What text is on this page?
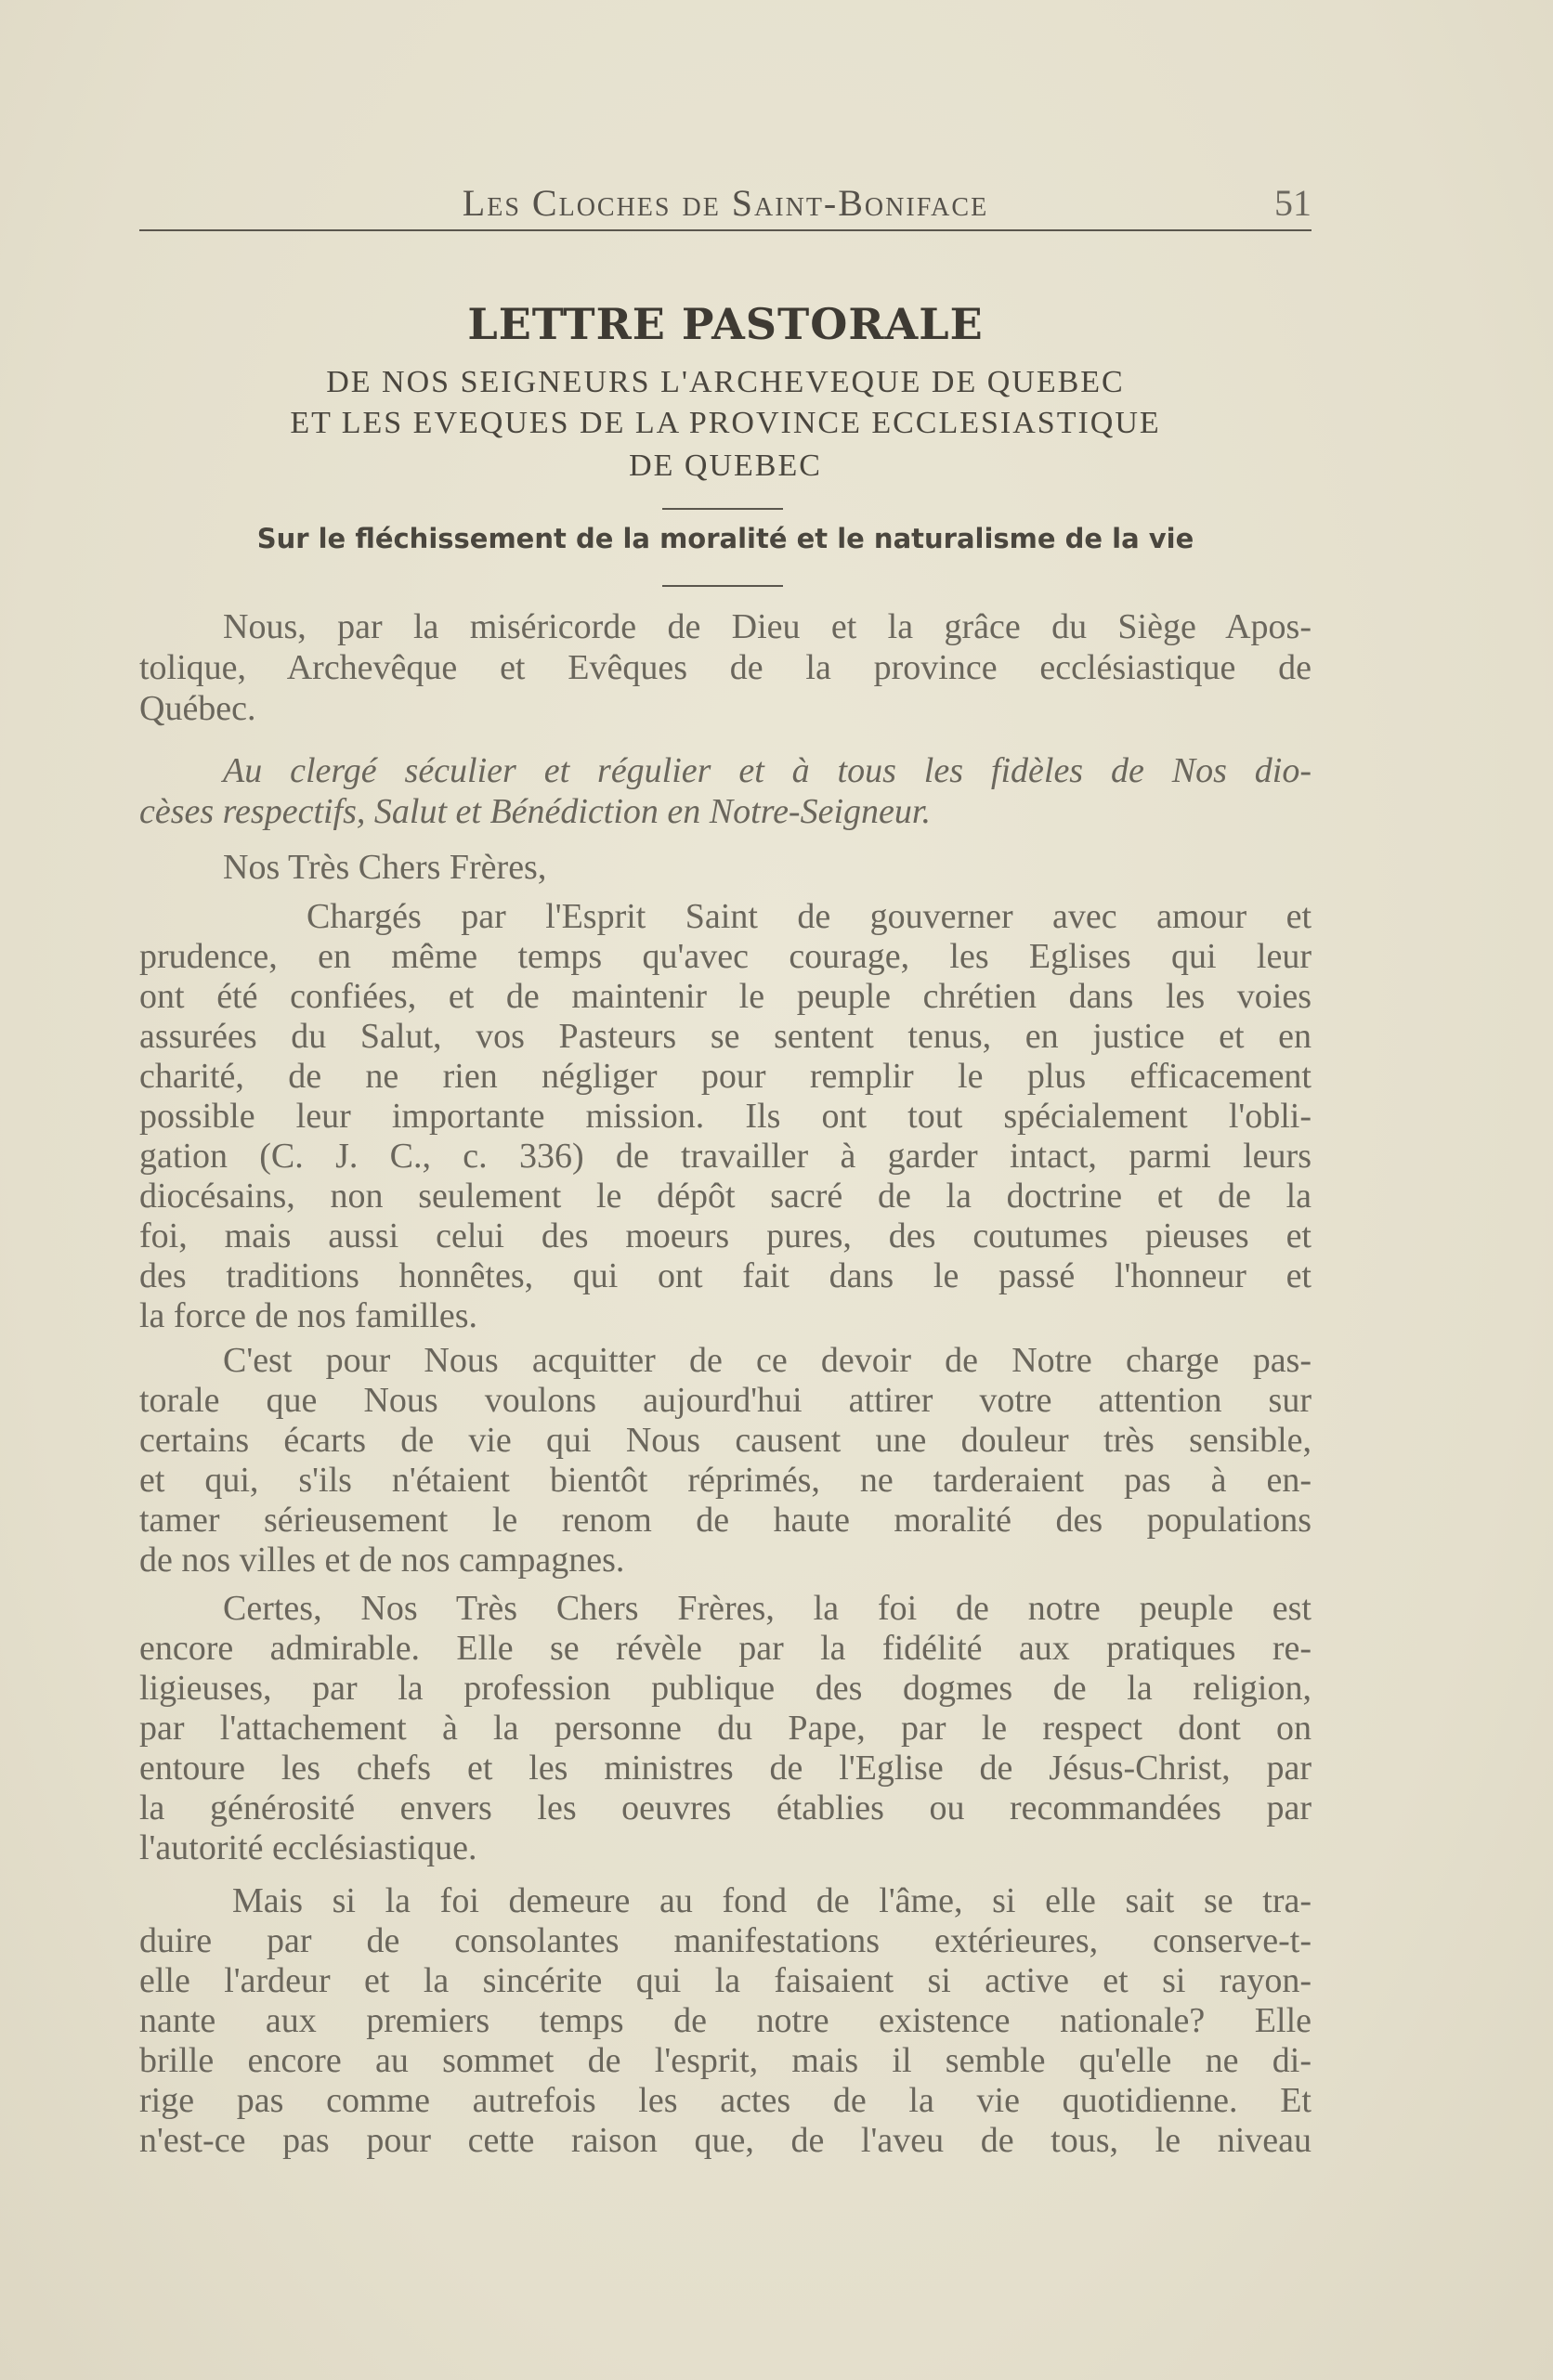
Les Cloches de Saint-Boniface	51
LETTRE PASTORALE
DE NOS SEIGNEURS L'ARCHEVEQUE DE QUEBEC
ET LES EVEQUES DE LA PROVINCE ECCLESIASTIQUE
DE QUEBEC
Sur le fléchissement de la moralité et le naturalisme de la vie
Nous, par la miséricorde de Dieu et la grâce du Siège Apos-
tolique, Archevêque et Evêques de la province ecclésiastique de
Québec.
Au clergé séculier et régulier et à tous les fidèles de Nos dio-
cèses respectifs, Salut et Bénédiction en Notre-Seigneur.
Nos Très Chers Frères,
Chargés par l'Esprit Saint de gouverner avec amour et
prudence, en même temps qu'avec courage, les Eglises qui leur
ont été confiées, et de maintenir le peuple chrétien dans les voies
assurées du Salut, vos Pasteurs se sentent tenus, en justice et en
charité, de ne rien négliger pour remplir le plus efficacement
possible leur importante mission. Ils ont tout spécialement l'obli-
gation (C. J. C., c. 336) de travailler à garder intact, parmi leurs
diocésains, non seulement le dépôt sacré de la doctrine et de la
foi, mais aussi celui des moeurs pures, des coutumes pieuses et
des traditions honnêtes, qui ont fait dans le passé l'honneur et
la force de nos familles.
C'est pour Nous acquitter de ce devoir de Notre charge pas-
torale que Nous voulons aujourd'hui attirer votre attention sur
certains écarts de vie qui Nous causent une douleur très sensible,
et qui, s'ils n'étaient bientôt réprimés, ne tarderaient pas à en-
tamer sérieusement le renom de haute moralité des populations
de nos villes et de nos campagnes.
Certes, Nos Très Chers Frères, la foi de notre peuple est
encore admirable. Elle se révèle par la fidélité aux pratiques re-
ligieuses, par la profession publique des dogmes de la religion,
par l'attachement à la personne du Pape, par le respect dont on
entoure les chefs et les ministres de l'Eglise de Jésus-Christ, par
la générosité envers les oeuvres établies ou recommandées par
l'autorité ecclésiastique.
Mais si la foi demeure au fond de l'âme, si elle sait se tra-
duire par de consolantes manifestations extérieures, conserve-t-
elle l'ardeur et la sincérite qui la faisaient si active et si rayon-
nante aux premiers temps de notre existence nationale? Elle
brille encore au sommet de l'esprit, mais il semble qu'elle ne di-
rige pas comme autrefois les actes de la vie quotidienne. Et
n'est-ce pas pour cette raison que, de l'aveu de tous, le niveau
